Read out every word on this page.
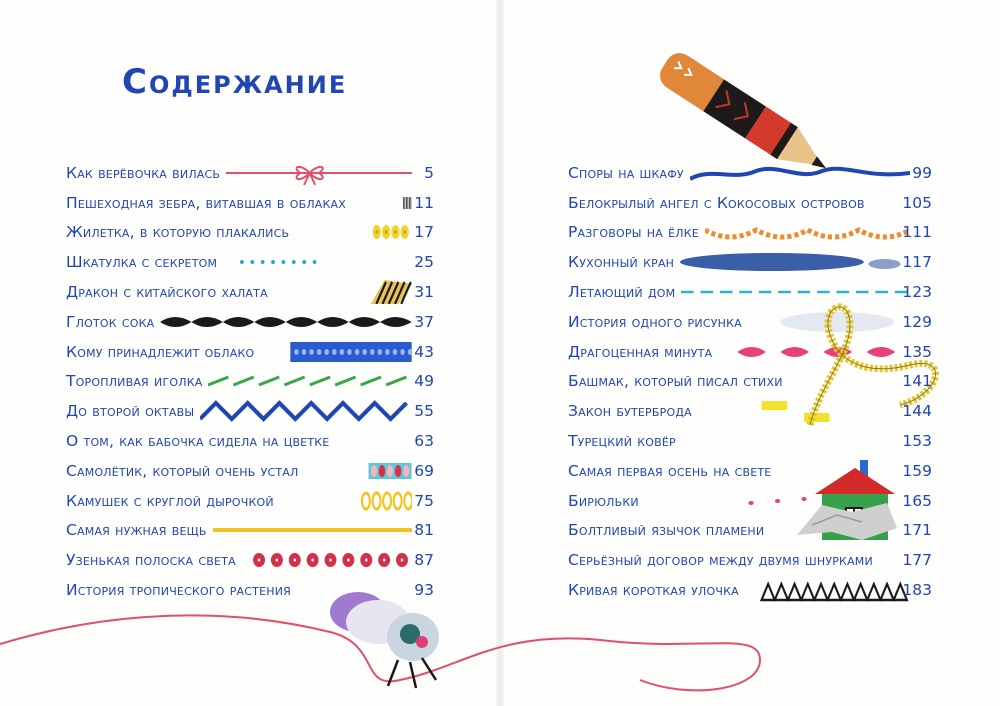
Содержание
Как верёвочка вилась	5
Пешеходная зебра, витавшая в облаках	11
Жилетка, в которую плакались	17
Шкатулка с секретом	25
Дракон с китайского халата	31
Глоток сока	37
Кому принадлежит облако	43
Торопливая иголка	49
До второй октавы	55
О том, как бабочка сидела на цветке	63
Самолётик, который очень устал	69
Камушек с круглой дырочкой	75
Самая нужная вещь	81
Узенькая полоска света	87
История тропического растения	93
Споры на шкафу	99
Белокрылый ангел с Кокосовых островов 105
Разговоры на ёлке	111
Кухонный кран	117
Летающий дом	123
История одного рисунка	129
Драгоценная минута	135
Башмак, который писал стихи	141
Закон бутерброда	144
Турецкий ковёр	153
Самая первая осень на свете	159
Бирюльки	165
Болтливый язычок пламени	171
Серьёзный договор между двумя шнурками 177
Кривая короткая улочка	183
